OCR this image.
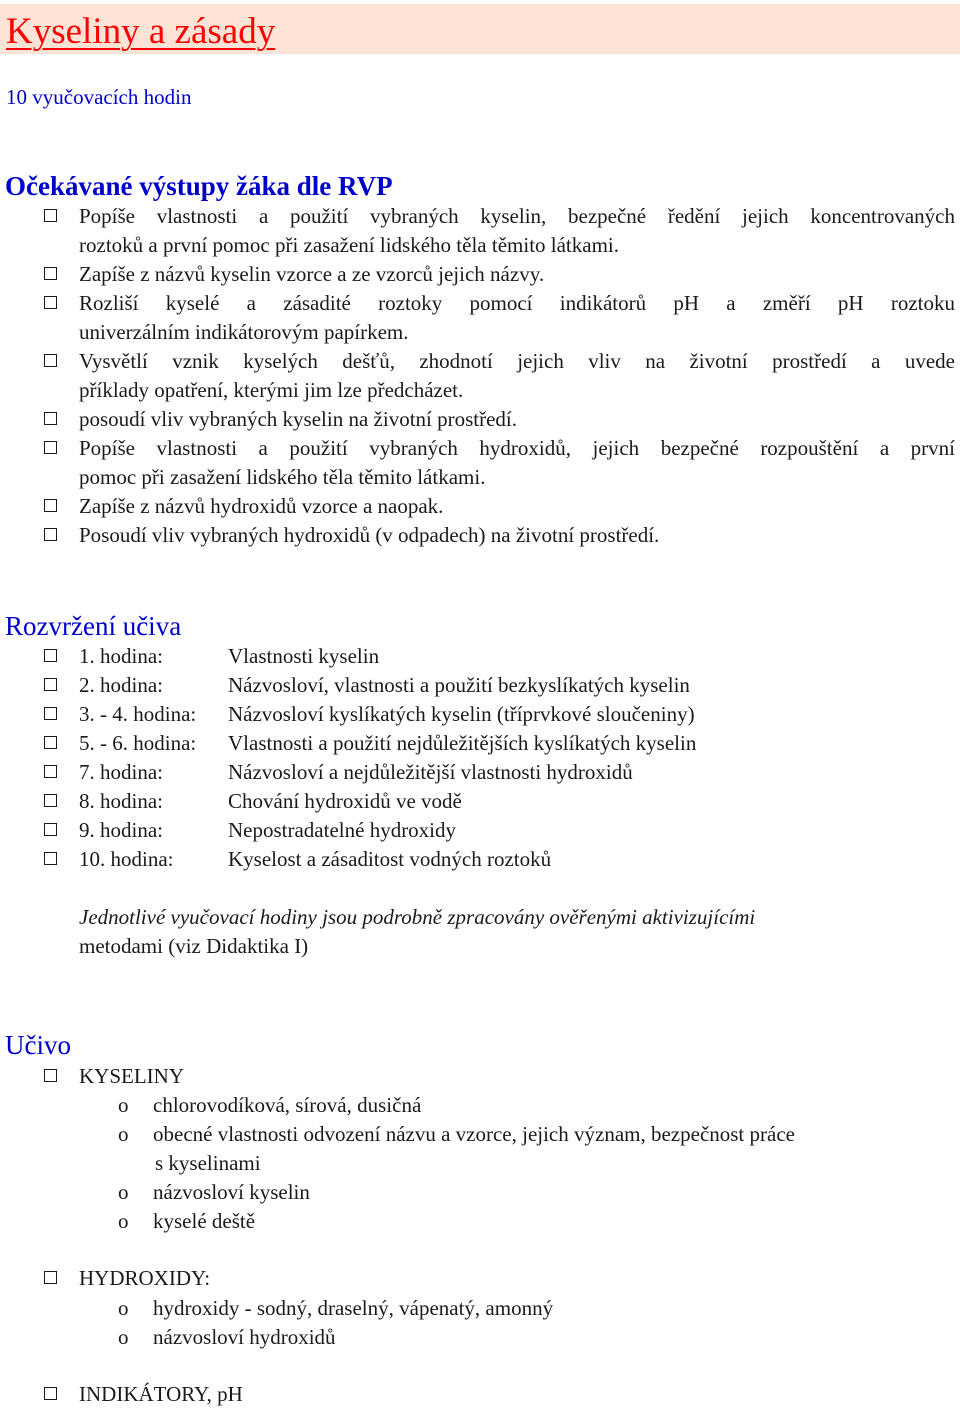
Kyseliny a zásady
10 vyučovacích hodin
Očekávané výstupy žáka dle RVP
Popíše vlastnosti a použití vybraných kyselin, bezpečné ředění jejich koncentrovaných
roztoků a první pomoc při zasažení lidského těla těmito látkami.
Zapíše z názvů kyselin vzorce a ze vzorců jejich názvy.
Rozliší kyselé a zásadité roztoky pomocí indikátorů pH a změří pH roztoku
univerzálním indikátorovým papírkem.
Vysvětlí vznik kyselých dešťů, zhodnotí jejich vliv na životní prostředí a uvede
příklady opatření, kterými jim lze předcházet.
posoudí vliv vybraných kyselin na životní prostředí.
Popíše vlastnosti a použití vybraných hydroxidů, jejich bezpečné rozpouštění a první
pomoc při zasažení lidského těla těmito látkami.
Zapíše z názvů hydroxidů vzorce a naopak.
Posoudí vliv vybraných hydroxidů (v odpadech) na životní prostředí.
Rozvržení učiva
1. hodina:	Vlastnosti kyselin
2. hodina:	Názvosloví, vlastnosti a použití bezkyslíkatých kyselin
3. - 4. hodina: Názvosloví kyslíkatých kyselin (tříprvkové sloučeniny)
5. - 6. hodina: Vlastnosti a použití nejdůležitějších kyslíkatých kyselin
7. hodina:	Názvosloví a nejdůležitější vlastnosti hydroxidů
8. hodina:	Chování hydroxidů ve vodě
9. hodina:	Nepostradatelné hydroxidy
10. hodina:	Kyselost a zásaditost vodných roztoků
Jednotlivé vyučovací hodiny jsou podrobně zpracovány ověřenými aktivizujícími
metodami (viz Didaktika I)
Učivo
KYSELINY
o chlorovodíková, sírová, dusičná
o obecné vlastnosti odvození názvu a vzorce, jejich význam, bezpečnost práce
s kyselinami
o názvosloví kyselin
o kyselé deště
HYDROXIDY:
o hydroxidy - sodný, draselný, vápenatý, amonný
o názvosloví hydroxidů
INDIKÁTORY, pH
